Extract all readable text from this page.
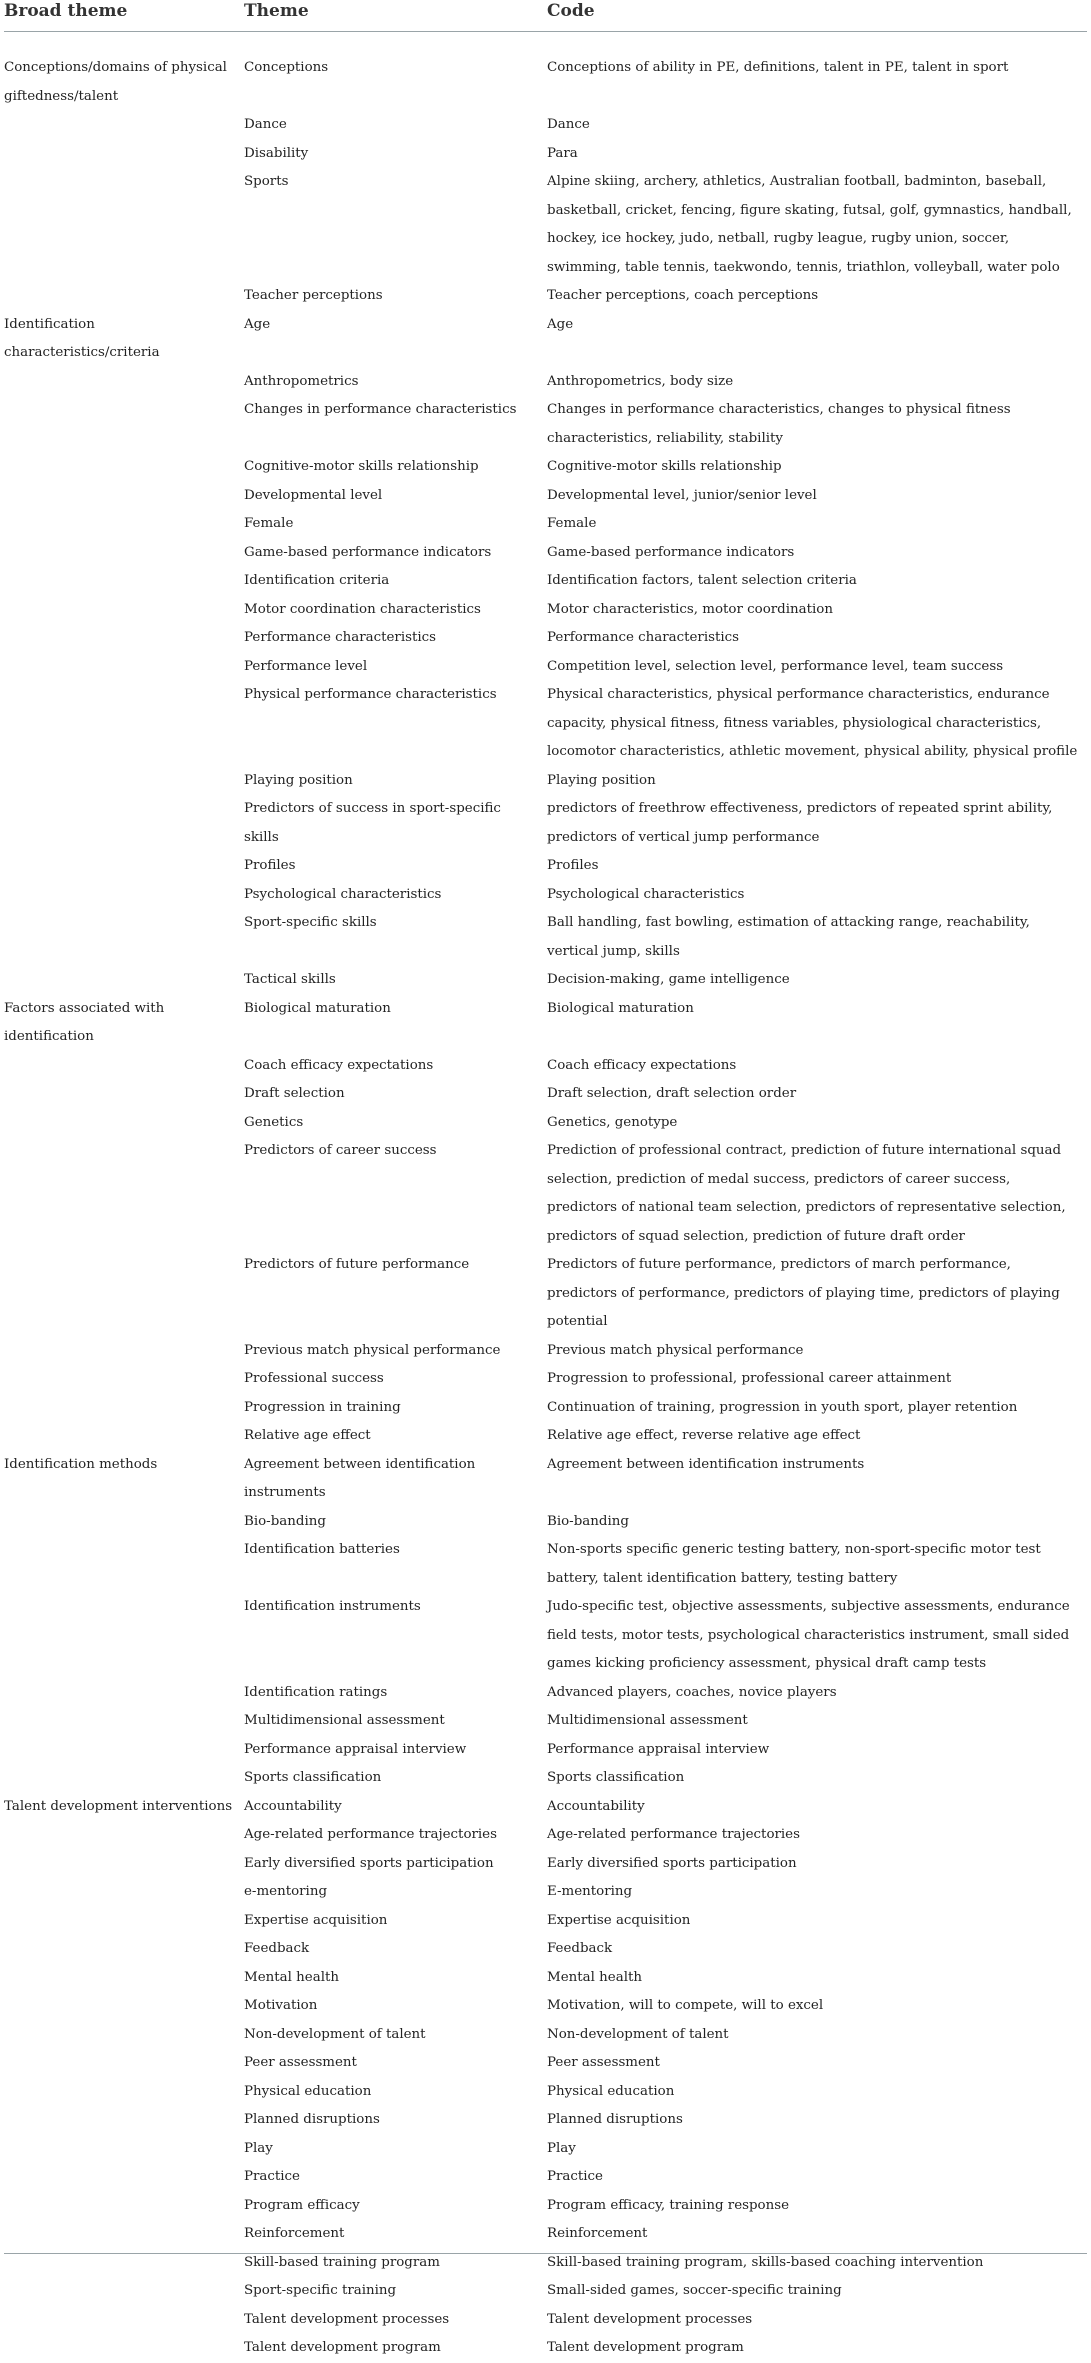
Broad theme	Theme	Code
Conceptions/domains of physical giftedness/talent	Conceptions	Conceptions of ability in PE, definitions, talent in PE, talent in sport
	Dance	Dance
	Disability	Para
	Sports	Alpine skiing, archery, athletics, Australian football, badminton, baseball, basketball, cricket, fencing, figure skating, futsal, golf, gymnastics, handball, hockey, ice hockey, judo, netball, rugby league, rugby union, soccer, swimming, table tennis, taekwondo, tennis, triathlon, volleyball, water polo
	Teacher perceptions	Teacher perceptions, coach perceptions
Identification characteristics/criteria	Age	Age
	Anthropometrics	Anthropometrics, body size
	Changes in performance characteristics	Changes in performance characteristics, changes to physical fitness characteristics, reliability, stability
	Cognitive-motor skills relationship	Cognitive-motor skills relationship
	Developmental level	Developmental level, junior/senior level
	Female	Female
	Game-based performance indicators	Game-based performance indicators
	Identification criteria	Identification factors, talent selection criteria
	Motor coordination characteristics	Motor characteristics, motor coordination
	Performance characteristics	Performance characteristics
	Performance level	Competition level, selection level, performance level, team success
	Physical performance characteristics	Physical characteristics, physical performance characteristics, endurance capacity, physical fitness, fitness variables, physiological characteristics, locomotor characteristics, athletic movement, physical ability, physical profile
	Playing position	Playing position
	Predictors of success in sport-specific skills	predictors of freethrow effectiveness, predictors of repeated sprint ability, predictors of vertical jump performance
	Profiles	Profiles
	Psychological characteristics	Psychological characteristics
	Sport-specific skills	Ball handling, fast bowling, estimation of attacking range, reachability, vertical jump, skills
	Tactical skills	Decision-making, game intelligence
Factors associated with identification	Biological maturation	Biological maturation
	Coach efficacy expectations	Coach efficacy expectations
	Draft selection	Draft selection, draft selection order
	Genetics	Genetics, genotype
	Predictors of career success	Prediction of professional contract, prediction of future international squad selection, prediction of medal success, predictors of career success, predictors of national team selection, predictors of representative selection, predictors of squad selection, prediction of future draft order
	Predictors of future performance	Predictors of future performance, predictors of march performance, predictors of performance, predictors of playing time, predictors of playing potential
	Previous match physical performance	Previous match physical performance
	Professional success	Progression to professional, professional career attainment
	Progression in training	Continuation of training, progression in youth sport, player retention
	Relative age effect	Relative age effect, reverse relative age effect
Identification methods	Agreement between identification instruments	Agreement between identification instruments
	Bio-banding	Bio-banding
	Identification batteries	Non-sports specific generic testing battery, non-sport-specific motor test battery, talent identification battery, testing battery
	Identification instruments	Judo-specific test, objective assessments, subjective assessments, endurance field tests, motor tests, psychological characteristics instrument, small sided games kicking proficiency assessment, physical draft camp tests
	Identification ratings	Advanced players, coaches, novice players
	Multidimensional assessment	Multidimensional assessment
	Performance appraisal interview	Performance appraisal interview
	Sports classification	Sports classification
Talent development interventions	Accountability	Accountability
	Age-related performance trajectories	Age-related performance trajectories
	Early diversified sports participation	Early diversified sports participation
	e-mentoring	E-mentoring
	Expertise acquisition	Expertise acquisition
	Feedback	Feedback
	Mental health	Mental health
	Motivation	Motivation, will to compete, will to excel
	Non-development of talent	Non-development of talent
	Peer assessment	Peer assessment
	Physical education	Physical education
	Planned disruptions	Planned disruptions
	Play	Play
	Practice	Practice
	Program efficacy	Program efficacy, training response
	Reinforcement	Reinforcement
	Skill-based training program	Skill-based training program, skills-based coaching intervention
	Sport-specific training	Small-sided games, soccer-specific training
	Talent development processes	Talent development processes
	Talent development program	Talent development program
